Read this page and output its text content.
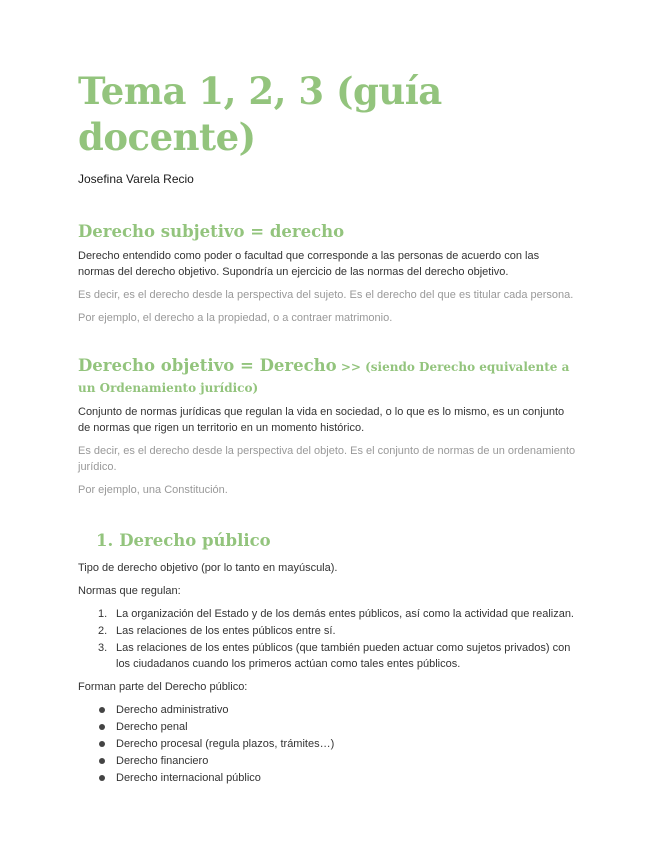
Tema 1, 2, 3 (guía docente)
Josefina Varela Recio
Derecho subjetivo = derecho

Derecho entendido como poder o facultad que corresponde a las personas de acuerdo con las normas del derecho objetivo. Supondría un ejercicio de las normas del derecho objetivo.

Es decir, es el derecho desde la perspectiva del sujeto. Es el derecho del que es titular cada persona.

Por ejemplo, el derecho a la propiedad, o a contraer matrimonio.

Derecho objetivo = Derecho >> (siendo Derecho equivalente a un Ordenamiento jurídico)

Conjunto de normas jurídicas que regulan la vida en sociedad, o lo que es lo mismo, es un conjunto de normas que rigen un territorio en un momento histórico.

Es decir, es el derecho desde la perspectiva del objeto. Es el conjunto de normas de un ordenamiento jurídico.

Por ejemplo, una Constitución.

1. Derecho público

Tipo de derecho objetivo (por lo tanto en mayúscula).

Normas que regulan:

1. La organización del Estado y de los demás entes públicos, así como la actividad que realizan.
2. Las relaciones de los entes públicos entre sí.
3. Las relaciones de los entes públicos (que también pueden actuar como sujetos privados) con los ciudadanos cuando los primeros actúan como tales entes públicos.

Forman parte del Derecho público:

Derecho administrativo
Derecho penal
Derecho procesal (regula plazos, trámites…)
Derecho financiero
Derecho internacional público
